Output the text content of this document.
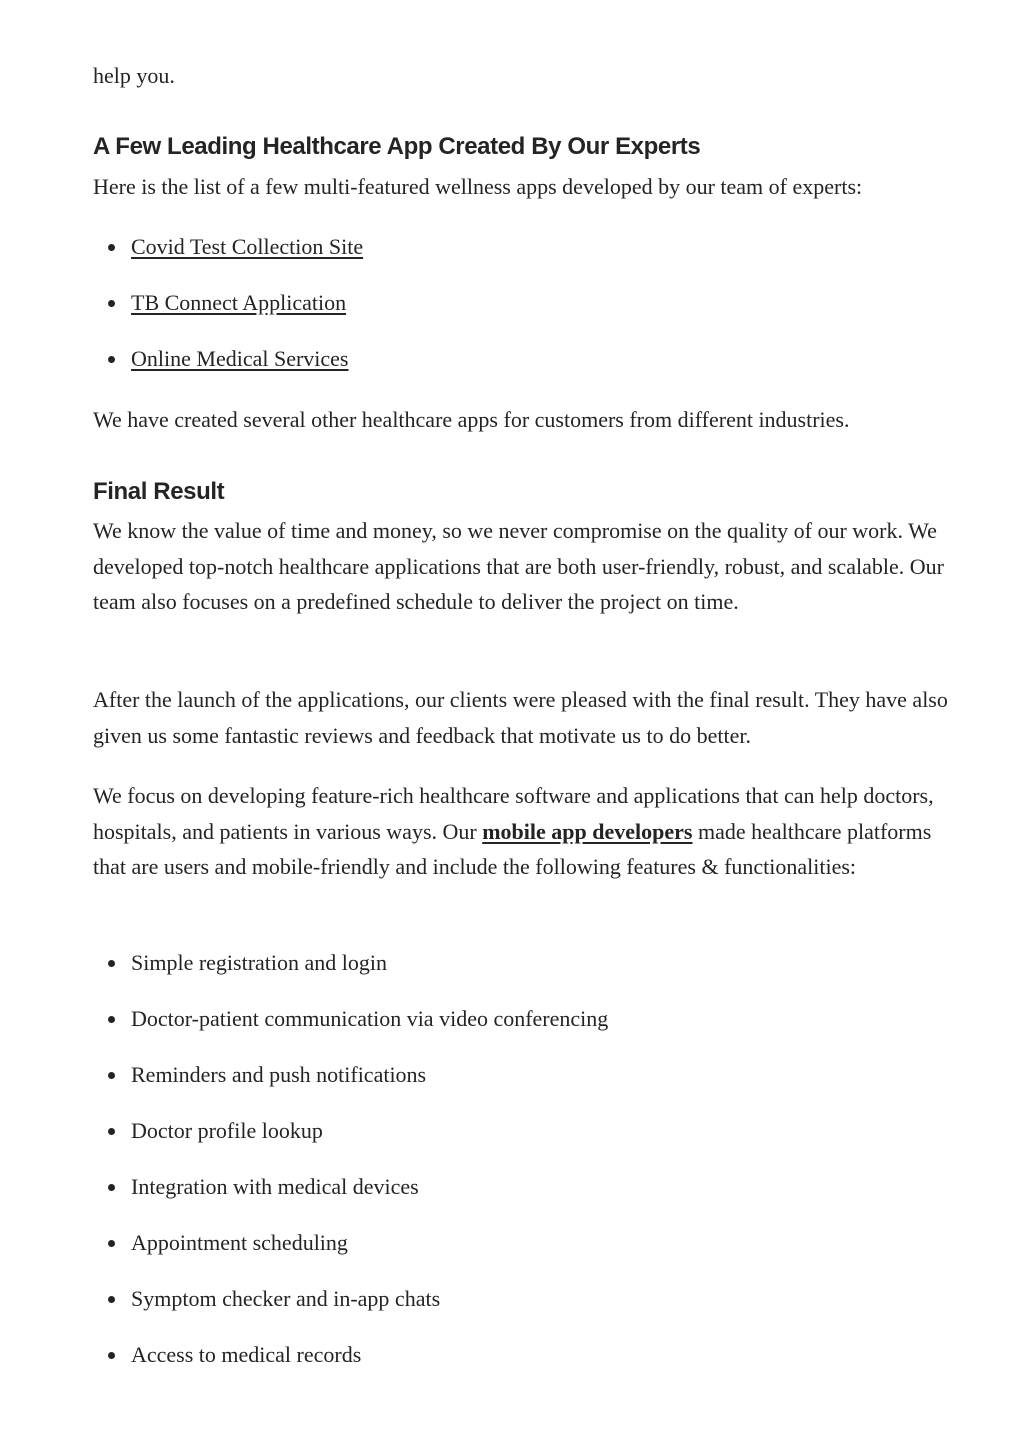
help you.

A Few Leading Healthcare App Created By Our Experts

Here is the list of a few multi-featured wellness apps developed by our team of experts:

Covid Test Collection Site
TB Connect Application
Online Medical Services

We have created several other healthcare apps for customers from different industries.

Final Result

We know the value of time and money, so we never compromise on the quality of our work. We developed top-notch healthcare applications that are both user-friendly, robust, and scalable. Our team also focuses on a predefined schedule to deliver the project on time.

After the launch of the applications, our clients were pleased with the final result. They have also given us some fantastic reviews and feedback that motivate us to do better.

We focus on developing feature-rich healthcare software and applications that can help doctors, hospitals, and patients in various ways. Our mobile app developers made healthcare platforms that are users and mobile-friendly and include the following features & functionalities:

Simple registration and login
Doctor-patient communication via video conferencing
Reminders and push notifications
Doctor profile lookup
Integration with medical devices
Appointment scheduling
Symptom checker and in-app chats
Access to medical records
